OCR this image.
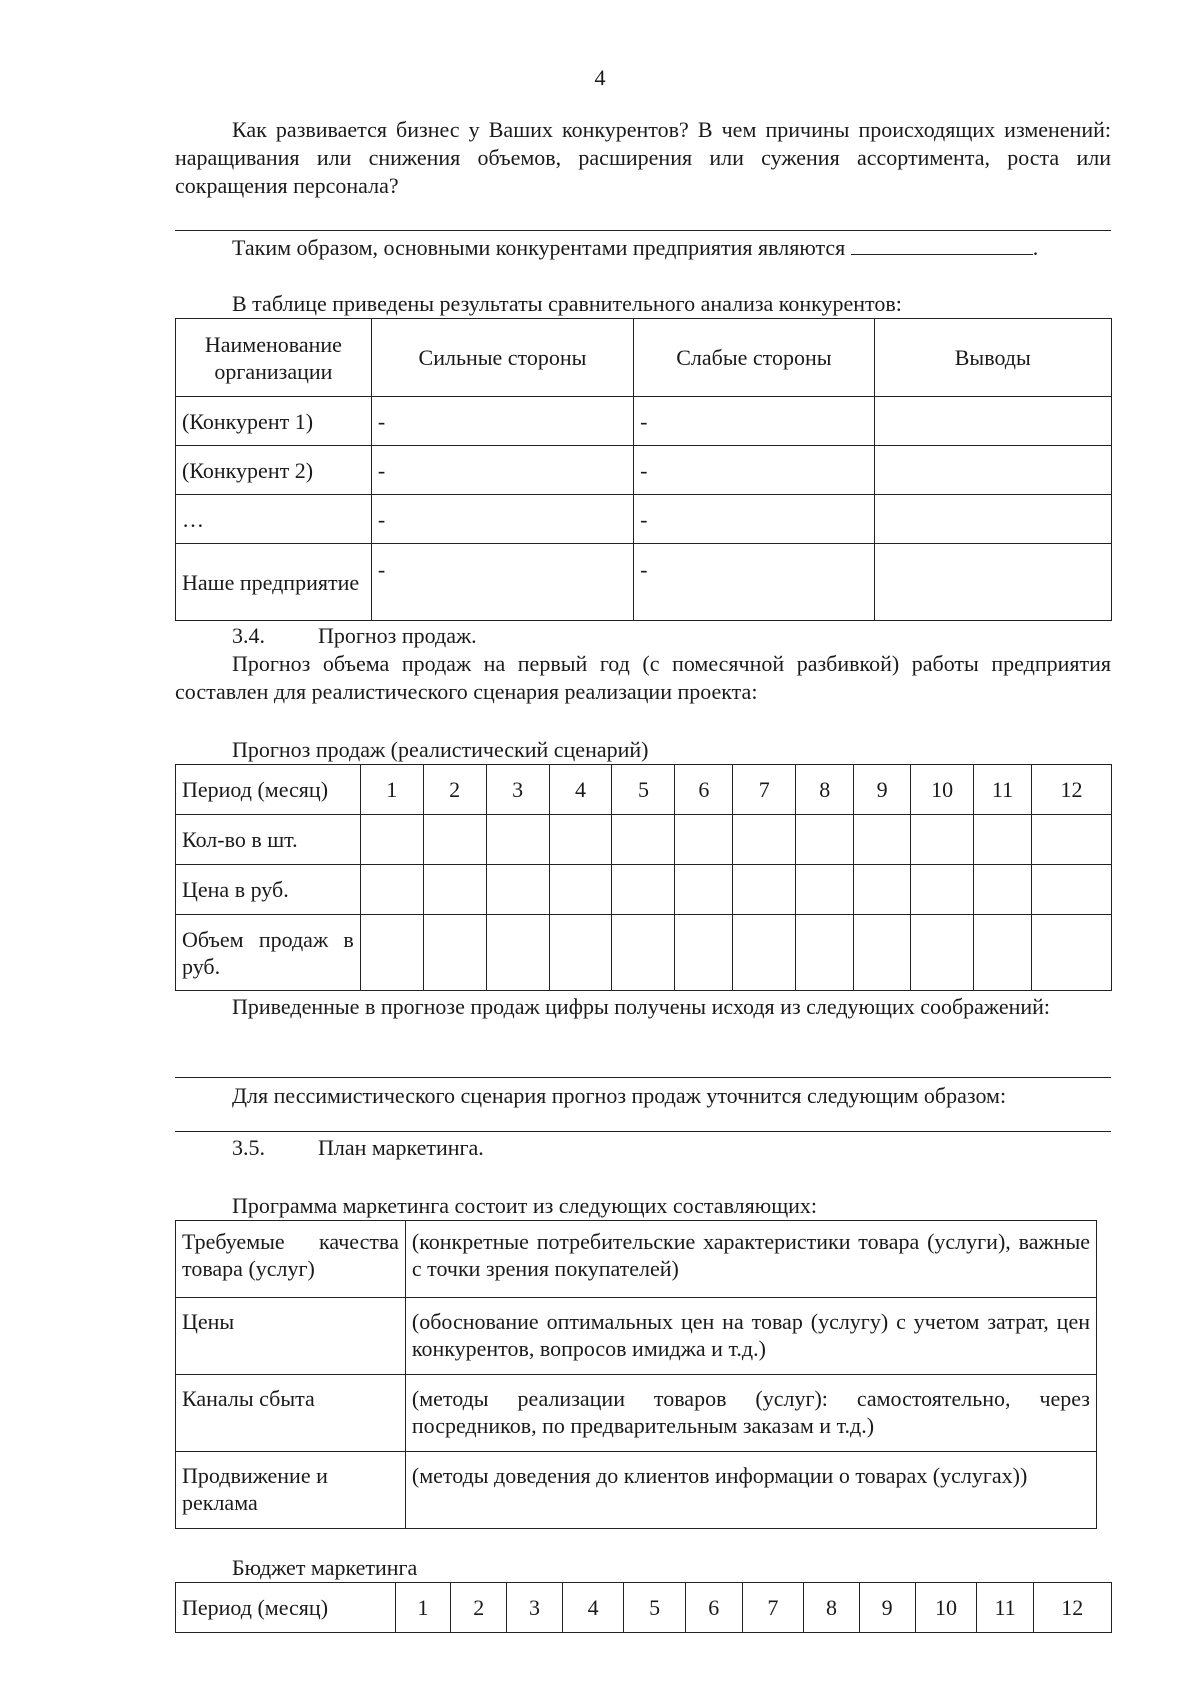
4
Как развивается бизнес у Ваших конкурентов? В чем причины происходящих изменений: наращивания или снижения объемов, расширения или сужения ассортимента, роста или сокращения персонала?
Таким образом, основными конкурентами предприятия являются	.
В таблице приведены результаты сравнительного анализа конкурентов:
Наименование организации	Сильные стороны	Слабые стороны	Выводы
(Конкурент 1)	-	-	
(Конкурент 2)	-	-	
…	-	-	
Наше предприятие	-	-	
3.4. Прогноз продаж.
Прогноз объема продаж на первый год (с помесячной разбивкой) работы предприятия составлен для реалистического сценария реализации проекта:
Прогноз продаж (реалистический сценарий)
Период (месяц)	1	2	3	4	5	6	7	8	9	10	11	12
Кол-во в шт.												
Цена в руб.												
Объем продаж в руб.												
Приведенные в прогнозе продаж цифры получены исходя из следующих соображений:
Для пессимистического сценария прогноз продаж уточнится следующим образом:
3.5. План маркетинга.
Программа маркетинга состоит из следующих составляющих:
Требуемые качества товара (услуг)	(конкретные потребительские характеристики товара (услуги), важные с точки зрения покупателей)
Цены	(обоснование оптимальных цен на товар (услугу) с учетом затрат, цен конкурентов, вопросов имиджа и т.д.)
Каналы сбыта	(методы реализации товаров (услуг): самостоятельно, через посредников, по предварительным заказам и т.д.)

Продвижение и реклама	(методы доведения до клиентов информации о товарах (услугах))
Бюджет маркетинга
Период (месяц)	1	2	3	4	5	6	7	8	9	10	11	12
